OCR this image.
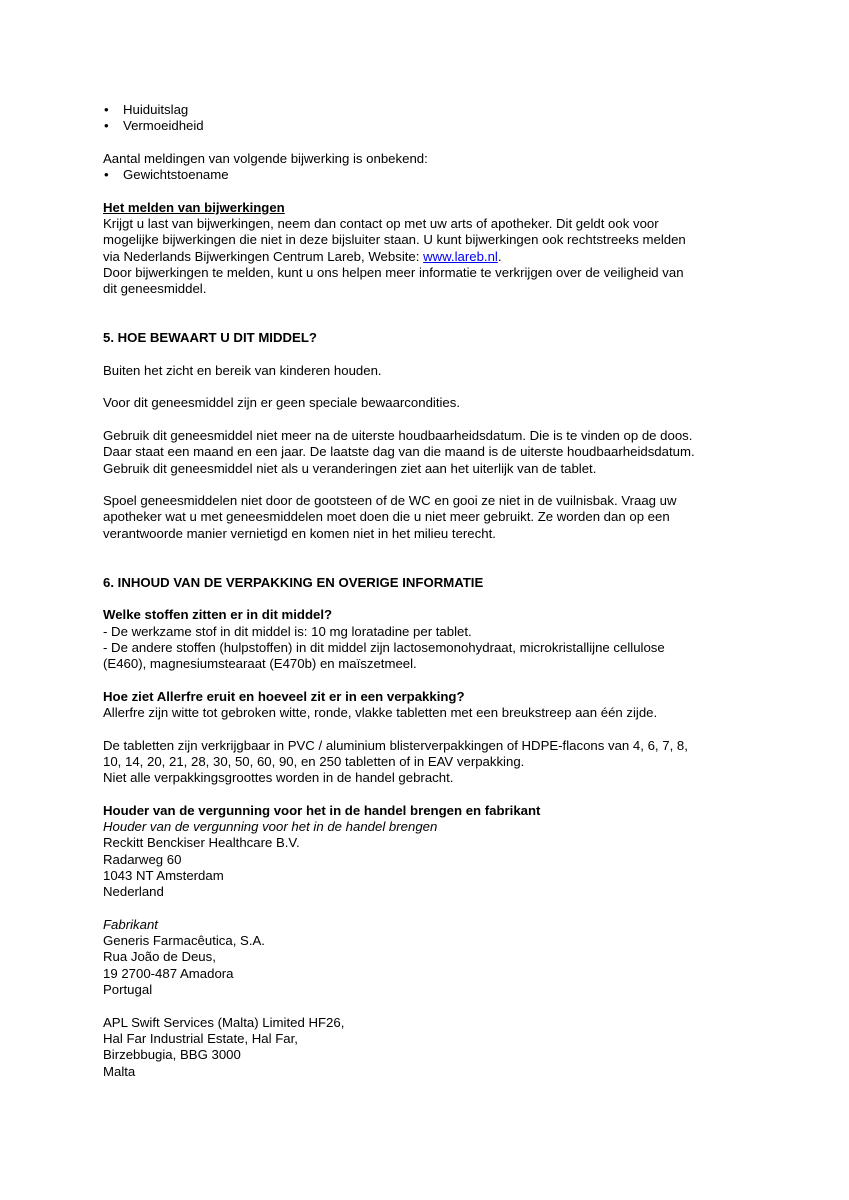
• Huiduitslag
• Vermoeidheid

Aantal meldingen van volgende bijwerking is onbekend:

• Gewichtstoename

Het melden van bijwerkingen

Krijgt u last van bijwerkingen, neem dan contact op met uw arts of apotheker. Dit geldt ook voor

mogelijke bijwerkingen die niet in deze bijsluiter staan. U kunt bijwerkingen ook rechtstreeks melden

via Nederlands Bijwerkingen Centrum Lareb, Website: www.lareb.nl.

Door bijwerkingen te melden, kunt u ons helpen meer informatie te verkrijgen over de veiligheid van

dit geneesmiddel.

5. HOE BEWAART U DIT MIDDEL?

Buiten het zicht en bereik van kinderen houden.

Voor dit geneesmiddel zijn er geen speciale bewaarcondities.

Gebruik dit geneesmiddel niet meer na de uiterste houdbaarheidsdatum. Die is te vinden op de doos.

Daar staat een maand en een jaar. De laatste dag van die maand is de uiterste houdbaarheidsdatum.

Gebruik dit geneesmiddel niet als u veranderingen ziet aan het uiterlijk van de tablet.

Spoel geneesmiddelen niet door de gootsteen of de WC en gooi ze niet in de vuilnisbak. Vraag uw

apotheker wat u met geneesmiddelen moet doen die u niet meer gebruikt. Ze worden dan op een

verantwoorde manier vernietigd en komen niet in het milieu terecht.

6. INHOUD VAN DE VERPAKKING EN OVERIGE INFORMATIE

Welke stoffen zitten er in dit middel?

- De werkzame stof in dit middel is: 10 mg loratadine per tablet.

- De andere stoffen (hulpstoffen) in dit middel zijn lactosemonohydraat, microkristallijne cellulose

(E460), magnesiumstearaat (E470b) en maïszetmeel.

Hoe ziet Allerfre eruit en hoeveel zit er in een verpakking?

Allerfre zijn witte tot gebroken witte, ronde, vlakke tabletten met een breukstreep aan één zijde.

De tabletten zijn verkrijgbaar in PVC / aluminium blisterverpakkingen of HDPE-flacons van 4, 6, 7, 8,

10, 14, 20, 21, 28, 30, 50, 60, 90, en 250 tabletten of in EAV verpakking.

Niet alle verpakkingsgroottes worden in de handel gebracht.

Houder van de vergunning voor het in de handel brengen en fabrikant

Houder van de vergunning voor het in de handel brengen

Reckitt Benckiser Healthcare B.V.

Radarweg 60

1043 NT Amsterdam

Nederland

Fabrikant

Generis Farmacêutica, S.A.

Rua João de Deus,

19 2700-487 Amadora

Portugal

APL Swift Services (Malta) Limited HF26,

Hal Far Industrial Estate, Hal Far,

Birzebbugia, BBG 3000

Malta
